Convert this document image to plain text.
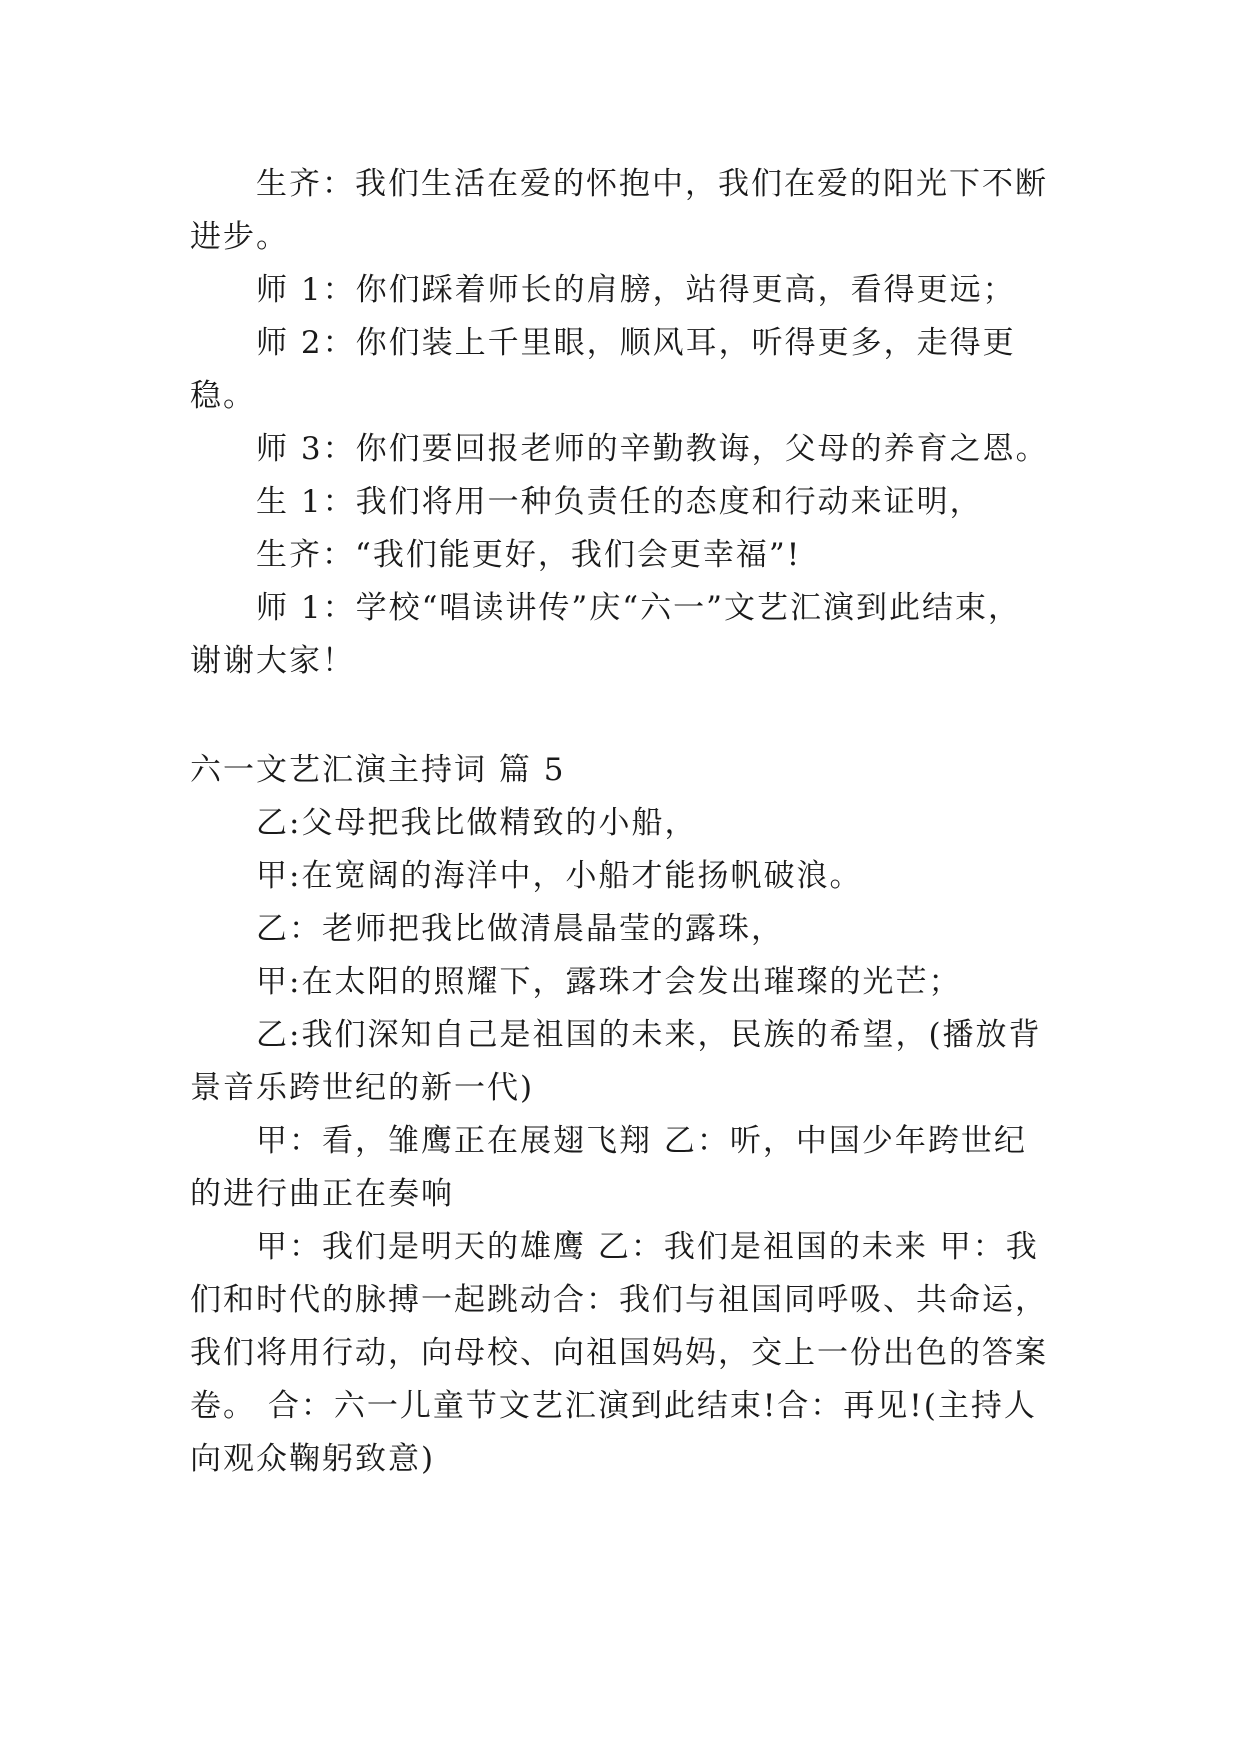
生齐：我们生活在爱的怀抱中，我们在爱的阳光下不断进步。

师 1：你们踩着师长的肩膀，站得更高，看得更远；

师 2：你们装上千里眼，顺风耳，听得更多，走得更稳。

师 3：你们要回报老师的辛勤教诲，父母的养育之恩。

生 1：我们将用一种负责任的态度和行动来证明，

生齐：“我们能更好，我们会更幸福”!

师 1：学校“唱读讲传”庆“六一”文艺汇演到此结束，谢谢大家！

六一文艺汇演主持词 篇 5

乙:父母把我比做精致的小船，

甲:在宽阔的海洋中，小船才能扬帆破浪。

乙：老师把我比做清晨晶莹的露珠，

甲:在太阳的照耀下，露珠才会发出璀璨的光芒；

乙:我们深知自己是祖国的未来，民族的希望，(播放背景音乐跨世纪的新一代)

甲：看，雏鹰正在展翅飞翔 乙：听，中国少年跨世纪的进行曲正在奏响

甲：我们是明天的雄鹰 乙：我们是祖国的未来 甲：我们和时代的脉搏一起跳动合：我们与祖国同呼吸、共命运，我们将用行动，向母校、向祖国妈妈，交上一份出色的答案卷。 合：六一儿童节文艺汇演到此结束!合：再见!(主持人向观众鞠躬致意)
